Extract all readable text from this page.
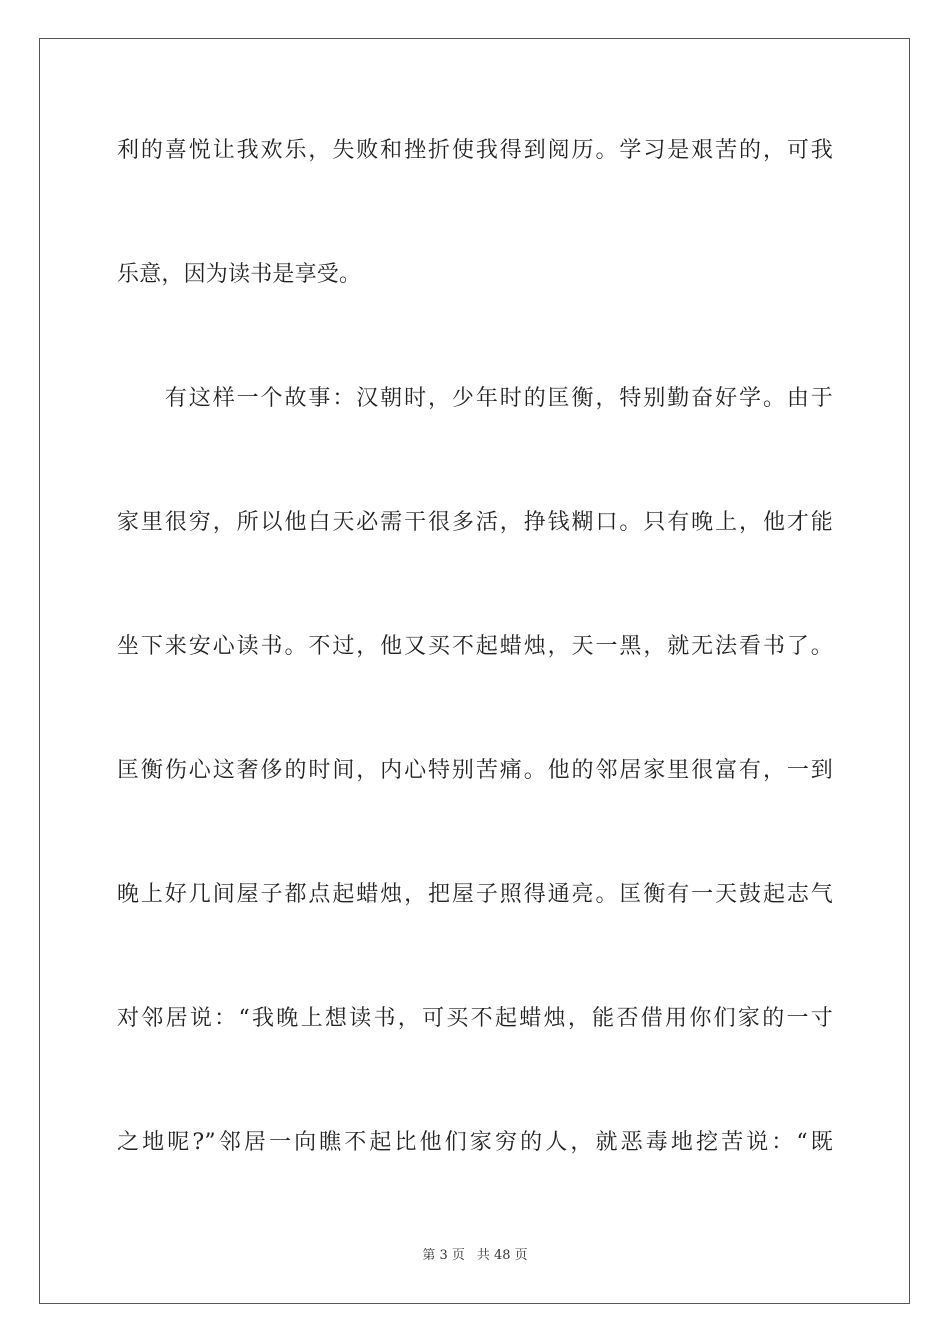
利的喜悦让我欢乐，失败和挫折使我得到阅历。学习是艰苦的，可我
乐意，因为读书是享受。
　　有这样一个故事：汉朝时，少年时的匡衡，特别勤奋好学。由于
家里很穷，所以他白天必需干很多活，挣钱糊口。只有晚上，他才能
坐下来安心读书。不过，他又买不起蜡烛，天一黑，就无法看书了。
匡衡伤心这奢侈的时间，内心特别苦痛。他的邻居家里很富有，一到
晚上好几间屋子都点起蜡烛，把屋子照得通亮。匡衡有一天鼓起志气
对邻居说：“我晚上想读书，可买不起蜡烛，能否借用你们家的一寸
之地呢?”邻居一向瞧不起比他们家穷的人，就恶毒地挖苦说：“既
第 3 页 共 48 页
